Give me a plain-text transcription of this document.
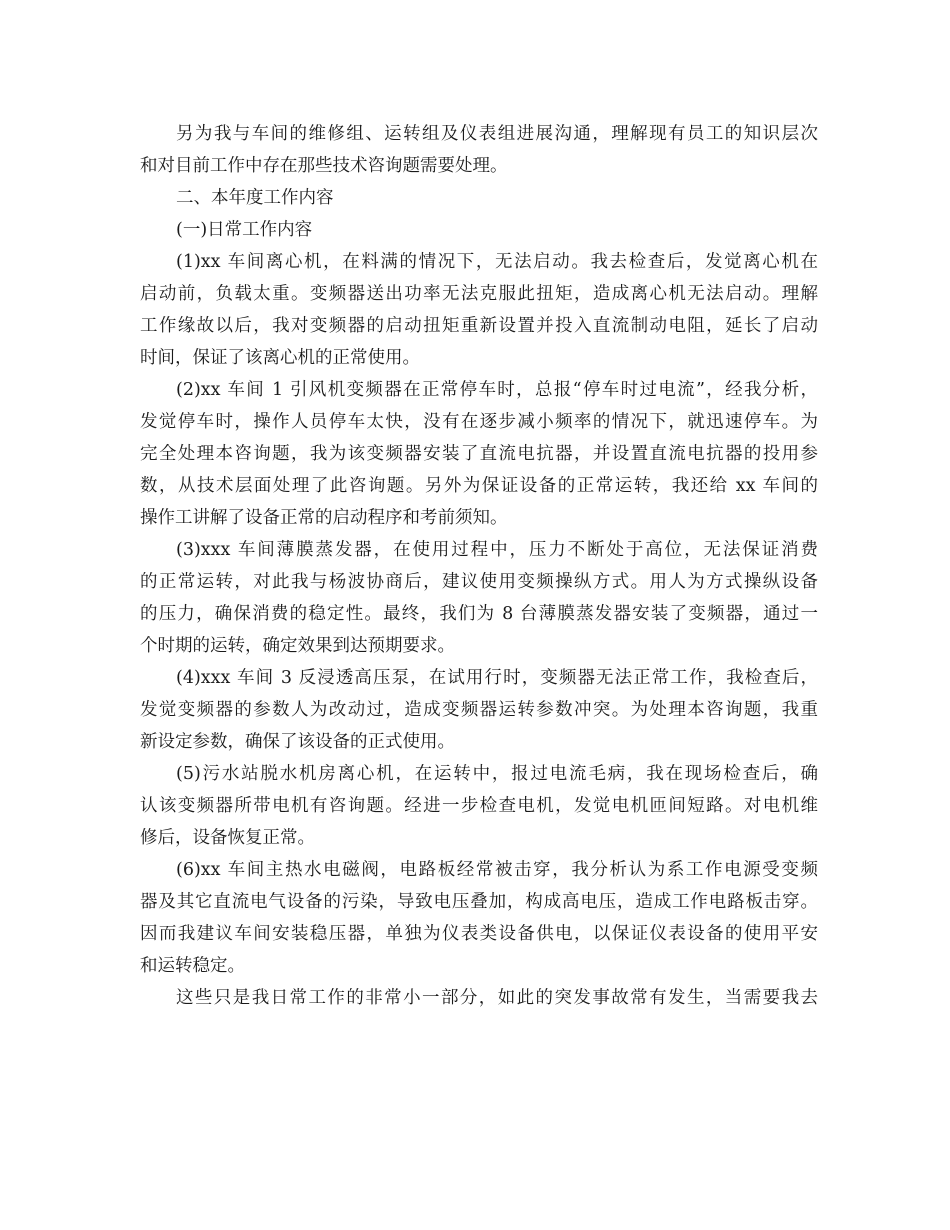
另为我与车间的维修组、运转组及仪表组进展沟通，理解现有员工的知识层次
和对目前工作中存在那些技术咨询题需要处理。
二、本年度工作内容
(一)日常工作内容
(1)xx 车间离心机，在料满的情况下，无法启动。我去检查后，发觉离心机在
启动前，负载太重。变频器送出功率无法克服此扭矩，造成离心机无法启动。理解
工作缘故以后，我对变频器的启动扭矩重新设置并投入直流制动电阻，延长了启动
时间，保证了该离心机的正常使用。
(2)xx 车间 1 引风机变频器在正常停车时，总报“停车时过电流”，经我分析，
发觉停车时，操作人员停车太快，没有在逐步减小频率的情况下，就迅速停车。为
完全处理本咨询题，我为该变频器安装了直流电抗器，并设置直流电抗器的投用参
数，从技术层面处理了此咨询题。另外为保证设备的正常运转，我还给 xx 车间的
操作工讲解了设备正常的启动程序和考前须知。
(3)xxx 车间薄膜蒸发器，在使用过程中，压力不断处于高位，无法保证消费
的正常运转，对此我与杨波协商后，建议使用变频操纵方式。用人为方式操纵设备
的压力，确保消费的稳定性。最终，我们为 8 台薄膜蒸发器安装了变频器，通过一
个时期的运转，确定效果到达预期要求。
(4)xxx 车间 3 反浸透高压泵，在试用行时，变频器无法正常工作，我检查后，
发觉变频器的参数人为改动过，造成变频器运转参数冲突。为处理本咨询题，我重
新设定参数，确保了该设备的正式使用。
(5)污水站脱水机房离心机，在运转中，报过电流毛病，我在现场检查后，确
认该变频器所带电机有咨询题。经进一步检查电机，发觉电机匝间短路。对电机维
修后，设备恢复正常。
(6)xx 车间主热水电磁阀，电路板经常被击穿，我分析认为系工作电源受变频
器及其它直流电气设备的污染，导致电压叠加，构成高电压，造成工作电路板击穿。
因而我建议车间安装稳压器，单独为仪表类设备供电，以保证仪表设备的使用平安
和运转稳定。
这些只是我日常工作的非常小一部分，如此的突发事故常有发生，当需要我去
